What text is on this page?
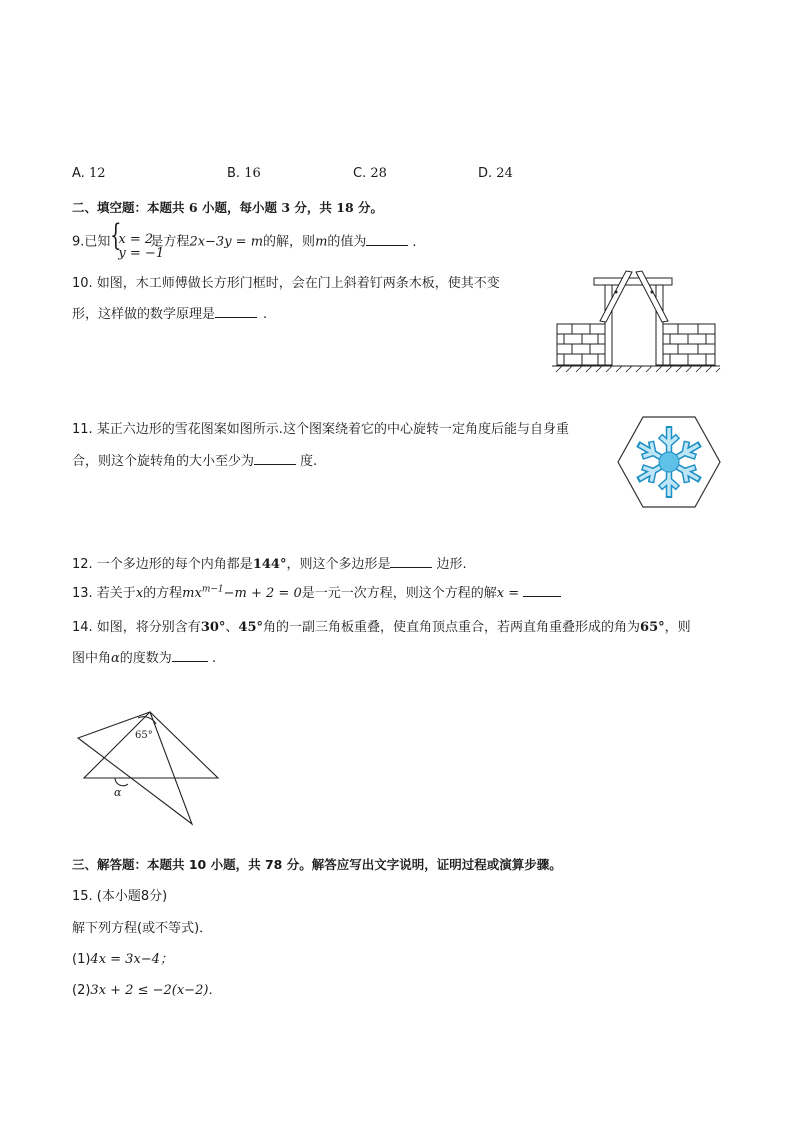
A. 12	B. 16	C. 28	D. 24
二、填空题：本题共 6 小题，每小题 3 分，共 18 分。
9.已知 {
x = 2
y = −1
是方程2x−3y = m的解，则m的值为	.
10. 如图，木工师傅做长方形门框时，会在门上斜着钉两条木板，使其不变
形，这样做的数学原理是	.
11. 某正六边形的雪花图案如图所示.这个图案绕着它的中心旋转一定角度后能与自身重
合，则这个旋转角的大小至少为	度.
12. 一个多边形的每个内角都是144°，则这个多边形是	边形.
13. 若关于x的方程$mx^{m-1}-m + 2 = 0$是一元一次方程，则这个方程的解x =
14. 如图，将分别含有30°、45°角的一副三角板重叠，使直角顶点重合，若两直角重叠形成的角为65°，则
图中角α的度数为	.
65°
α
三、解答题：本题共 10 小题，共 78 分。解答应写出文字说明，证明过程或演算步骤。
15. (本小题8分)
解下列方程(或不等式)．
(1)4x = 3x−4；
(2)3x + 2 ≤ −2(x−2)．
